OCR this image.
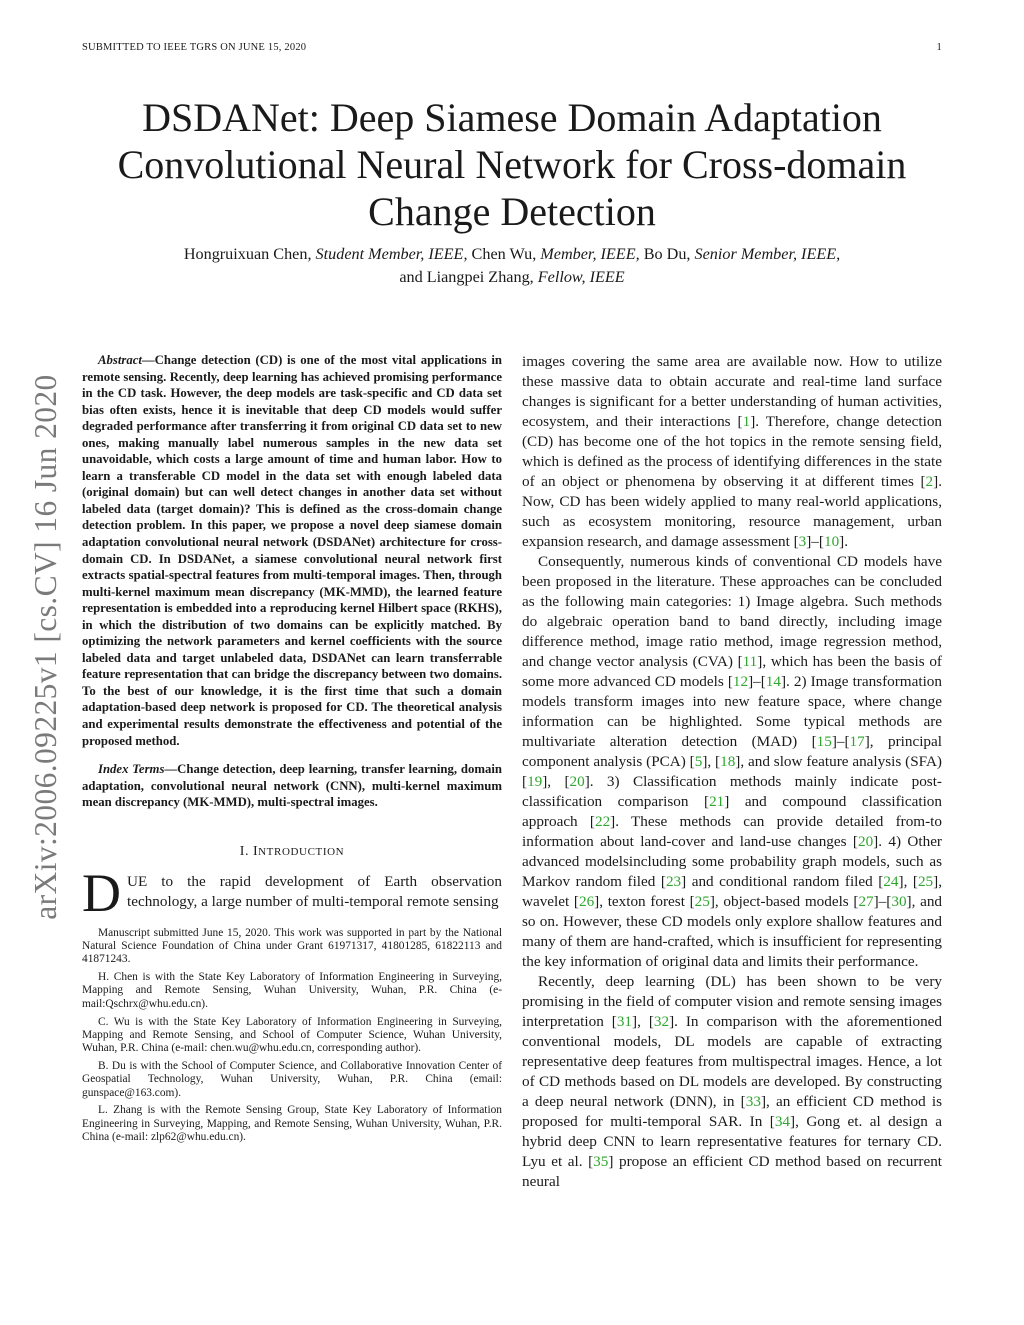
SUBMITTED TO IEEE TGRS ON JUNE 15, 2020	1
arXiv:2006.09225v1 [cs.CV] 16 Jun 2020
DSDANet: Deep Siamese Domain Adaptation
Convolutional Neural Network for Cross-domain
Change Detection
Hongruixuan Chen, Student Member, IEEE, Chen Wu, Member, IEEE, Bo Du, Senior Member, IEEE,
and Liangpei Zhang, Fellow, IEEE

Abstract—Change detection (CD) is one of the most vital applications in remote sensing. Recently, deep learning has achieved promising performance in the CD task. However, the deep models are task-specific and CD data set bias often exists, hence it is inevitable that deep CD models would suffer degraded performance after transferring it from original CD data set to new ones, making manually label numerous samples in the new data set unavoidable, which costs a large amount of time and human labor. How to learn a transferable CD model in the data set with enough labeled data (original domain) but can well detect changes in another data set without labeled data (target domain)? This is defined as the cross-domain change detection problem. In this paper, we propose a novel deep siamese domain adaptation convolutional neural network (DSDANet) architecture for cross-domain CD. In DSDANet, a siamese convolutional neural network first extracts spatial-spectral features from multi-temporal images. Then, through multi-kernel maximum mean discrepancy (MK-MMD), the learned feature representation is embedded into a reproducing kernel Hilbert space (RKHS), in which the distribution of two domains can be explicitly matched. By optimizing the network parameters and kernel coefficients with the source labeled data and target unlabeled data, DSDANet can learn transferrable feature representation that can bridge the discrepancy between two domains. To the best of our knowledge, it is the first time that such a domain adaptation-based deep network is proposed for CD. The theoretical analysis and experimental results demonstrate the effectiveness and potential of the proposed method.

Index Terms—Change detection, deep learning, transfer learning, domain adaptation, convolutional neural network (CNN), multi-kernel maximum mean discrepancy (MK-MMD), multi-spectral images.

I. INTRODUCTION

DUE to the rapid development of Earth observation technology, a large number of multi-temporal remote sensing

Manuscript submitted June 15, 2020. This work was supported in part by the National Natural Science Foundation of China under Grant 61971317, 41801285, 61822113 and 41871243.

H. Chen is with the State Key Laboratory of Information Engineering in Surveying, Mapping and Remote Sensing, Wuhan University, Wuhan, P.R. China (e-mail:Qschrx@whu.edu.cn).

C. Wu is with the State Key Laboratory of Information Engineering in Surveying, Mapping and Remote Sensing, and School of Computer Science, Wuhan University, Wuhan, P.R. China (e-mail: chen.wu@whu.edu.cn, corresponding author).

B. Du is with the School of Computer Science, and Collaborative Innovation Center of Geospatial Technology, Wuhan University, Wuhan, P.R. China (email: gunspace@163.com).

L. Zhang is with the Remote Sensing Group, State Key Laboratory of Information Engineering in Surveying, Mapping, and Remote Sensing, Wuhan University, Wuhan, P.R. China (e-mail: zlp62@whu.edu.cn).

images covering the same area are available now. How to utilize these massive data to obtain accurate and real-time land surface changes is significant for a better understanding of human activities, ecosystem, and their interactions [1]. Therefore, change detection (CD) has become one of the hot topics in the remote sensing field, which is defined as the process of identifying differences in the state of an object or phenomena by observing it at different times [2]. Now, CD has been widely applied to many real-world applications, such as ecosystem monitoring, resource management, urban expansion research, and damage assessment [3]–[10].

Consequently, numerous kinds of conventional CD models have been proposed in the literature. These approaches can be concluded as the following main categories: 1) Image algebra. Such methods do algebraic operation band to band directly, including image difference method, image ratio method, image regression method, and change vector analysis (CVA) [11], which has been the basis of some more advanced CD models [12]–[14]. 2) Image transformation models transform images into new feature space, where change information can be highlighted. Some typical methods are multivariate alteration detection (MAD) [15]–[17], principal component analysis (PCA) [5], [18], and slow feature analysis (SFA) [19], [20]. 3) Classification methods mainly indicate post-classification comparison [21] and compound classification approach [22]. These methods can provide detailed from-to information about land-cover and land-use changes [20]. 4) Other advanced modelsincluding some probability graph models, such as Markov random filed [23] and conditional random filed [24], [25], wavelet [26], texton forest [25], object-based models [27]–[30], and so on. However, these CD models only explore shallow features and many of them are hand-crafted, which is insufficient for representing the key information of original data and limits their performance.

Recently, deep learning (DL) has been shown to be very promising in the field of computer vision and remote sensing images interpretation [31], [32]. In comparison with the aforementioned conventional models, DL models are capable of extracting representative deep features from multispectral images. Hence, a lot of CD methods based on DL models are developed. By constructing a deep neural network (DNN), in [33], an efficient CD method is proposed for multi-temporal SAR. In [34], Gong et. al design a hybrid deep CNN to learn representative features for ternary CD. Lyu et al. [35] propose an efficient CD method based on recurrent neural
